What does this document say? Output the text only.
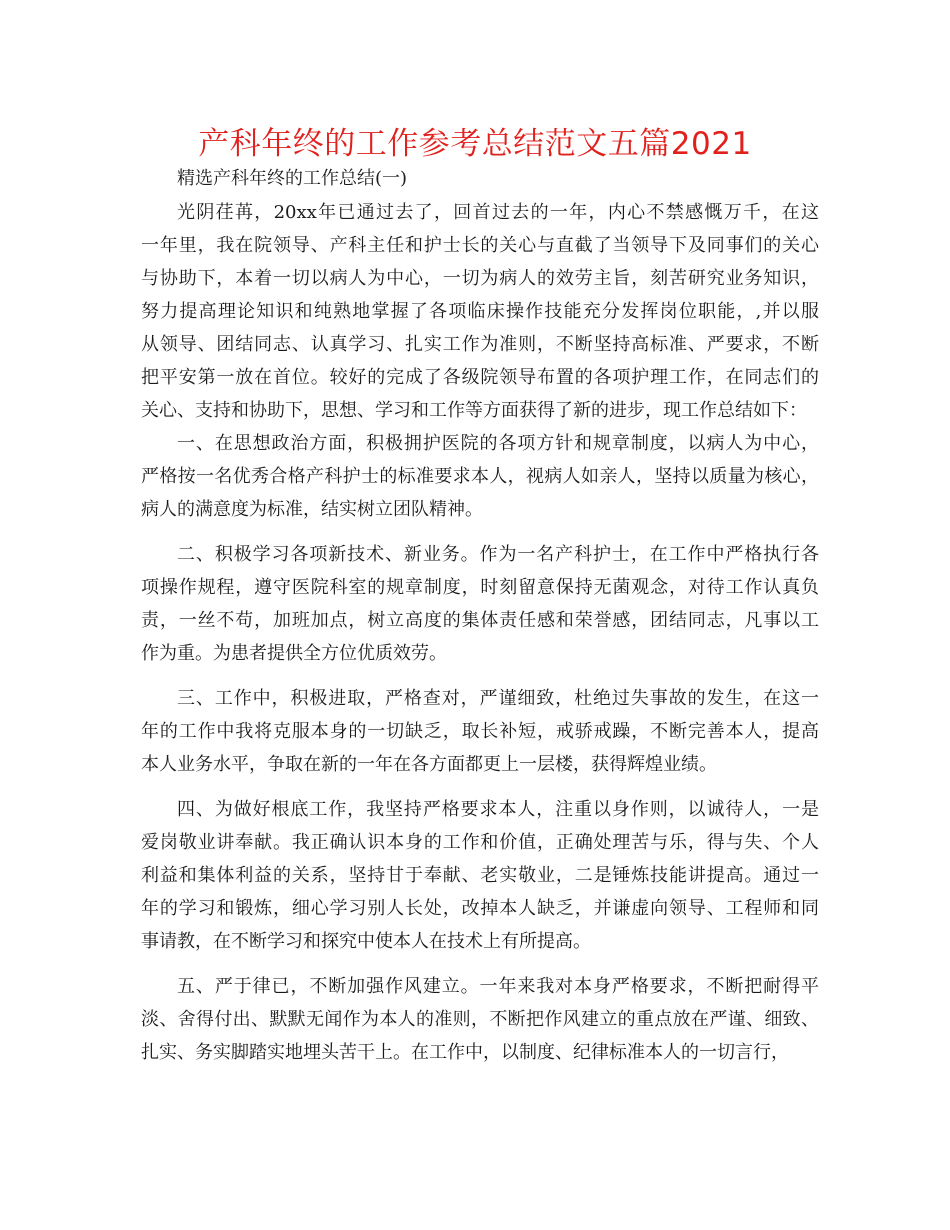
产科年终的工作参考总结范文五篇2021

精选产科年终的工作总结(一)

光阴荏苒，20xx年已通过去了，回首过去的一年，内心不禁感慨万千，在这
一年里，我在院领导、产科主任和护士长的关心与直截了当领导下及同事们的关心
与协助下，本着一切以病人为中心，一切为病人的效劳主旨，刻苦研究业务知识，
努力提高理论知识和纯熟地掌握了各项临床操作技能充分发挥岗位职能，,并以服
从领导、团结同志、认真学习、扎实工作为准则，不断坚持高标准、严要求，不断
把平安第一放在首位。较好的完成了各级院领导布置的各项护理工作，在同志们的
关心、支持和协助下，思想、学习和工作等方面获得了新的进步，现工作总结如下：
一、在思想政治方面，积极拥护医院的各项方针和规章制度，以病人为中心，
严格按一名优秀合格产科护士的标准要求本人，视病人如亲人，坚持以质量为核心，
病人的满意度为标准，结实树立团队精神。
二、积极学习各项新技术、新业务。作为一名产科护士，在工作中严格执行各
项操作规程，遵守医院科室的规章制度，时刻留意保持无菌观念，对待工作认真负
责，一丝不苟，加班加点，树立高度的集体责任感和荣誉感，团结同志，凡事以工
作为重。为患者提供全方位优质效劳。
三、工作中，积极进取，严格查对，严谨细致，杜绝过失事故的发生，在这一
年的工作中我将克服本身的一切缺乏，取长补短，戒骄戒躁，不断完善本人，提高
本人业务水平，争取在新的一年在各方面都更上一层楼，获得辉煌业绩。
四、为做好根底工作，我坚持严格要求本人，注重以身作则，以诚待人，一是
爱岗敬业讲奉献。我正确认识本身的工作和价值，正确处理苦与乐，得与失、个人
利益和集体利益的关系，坚持甘于奉献、老实敬业，二是锤炼技能讲提高。通过一
年的学习和锻炼，细心学习别人长处，改掉本人缺乏，并谦虚向领导、工程师和同
事请教，在不断学习和探究中使本人在技术上有所提高。
五、严于律已，不断加强作风建立。一年来我对本身严格要求，不断把耐得平
淡、舍得付出、默默无闻作为本人的准则，不断把作风建立的重点放在严谨、细致、
扎实、务实脚踏实地埋头苦干上。在工作中，以制度、纪律标准本人的一切言行，
